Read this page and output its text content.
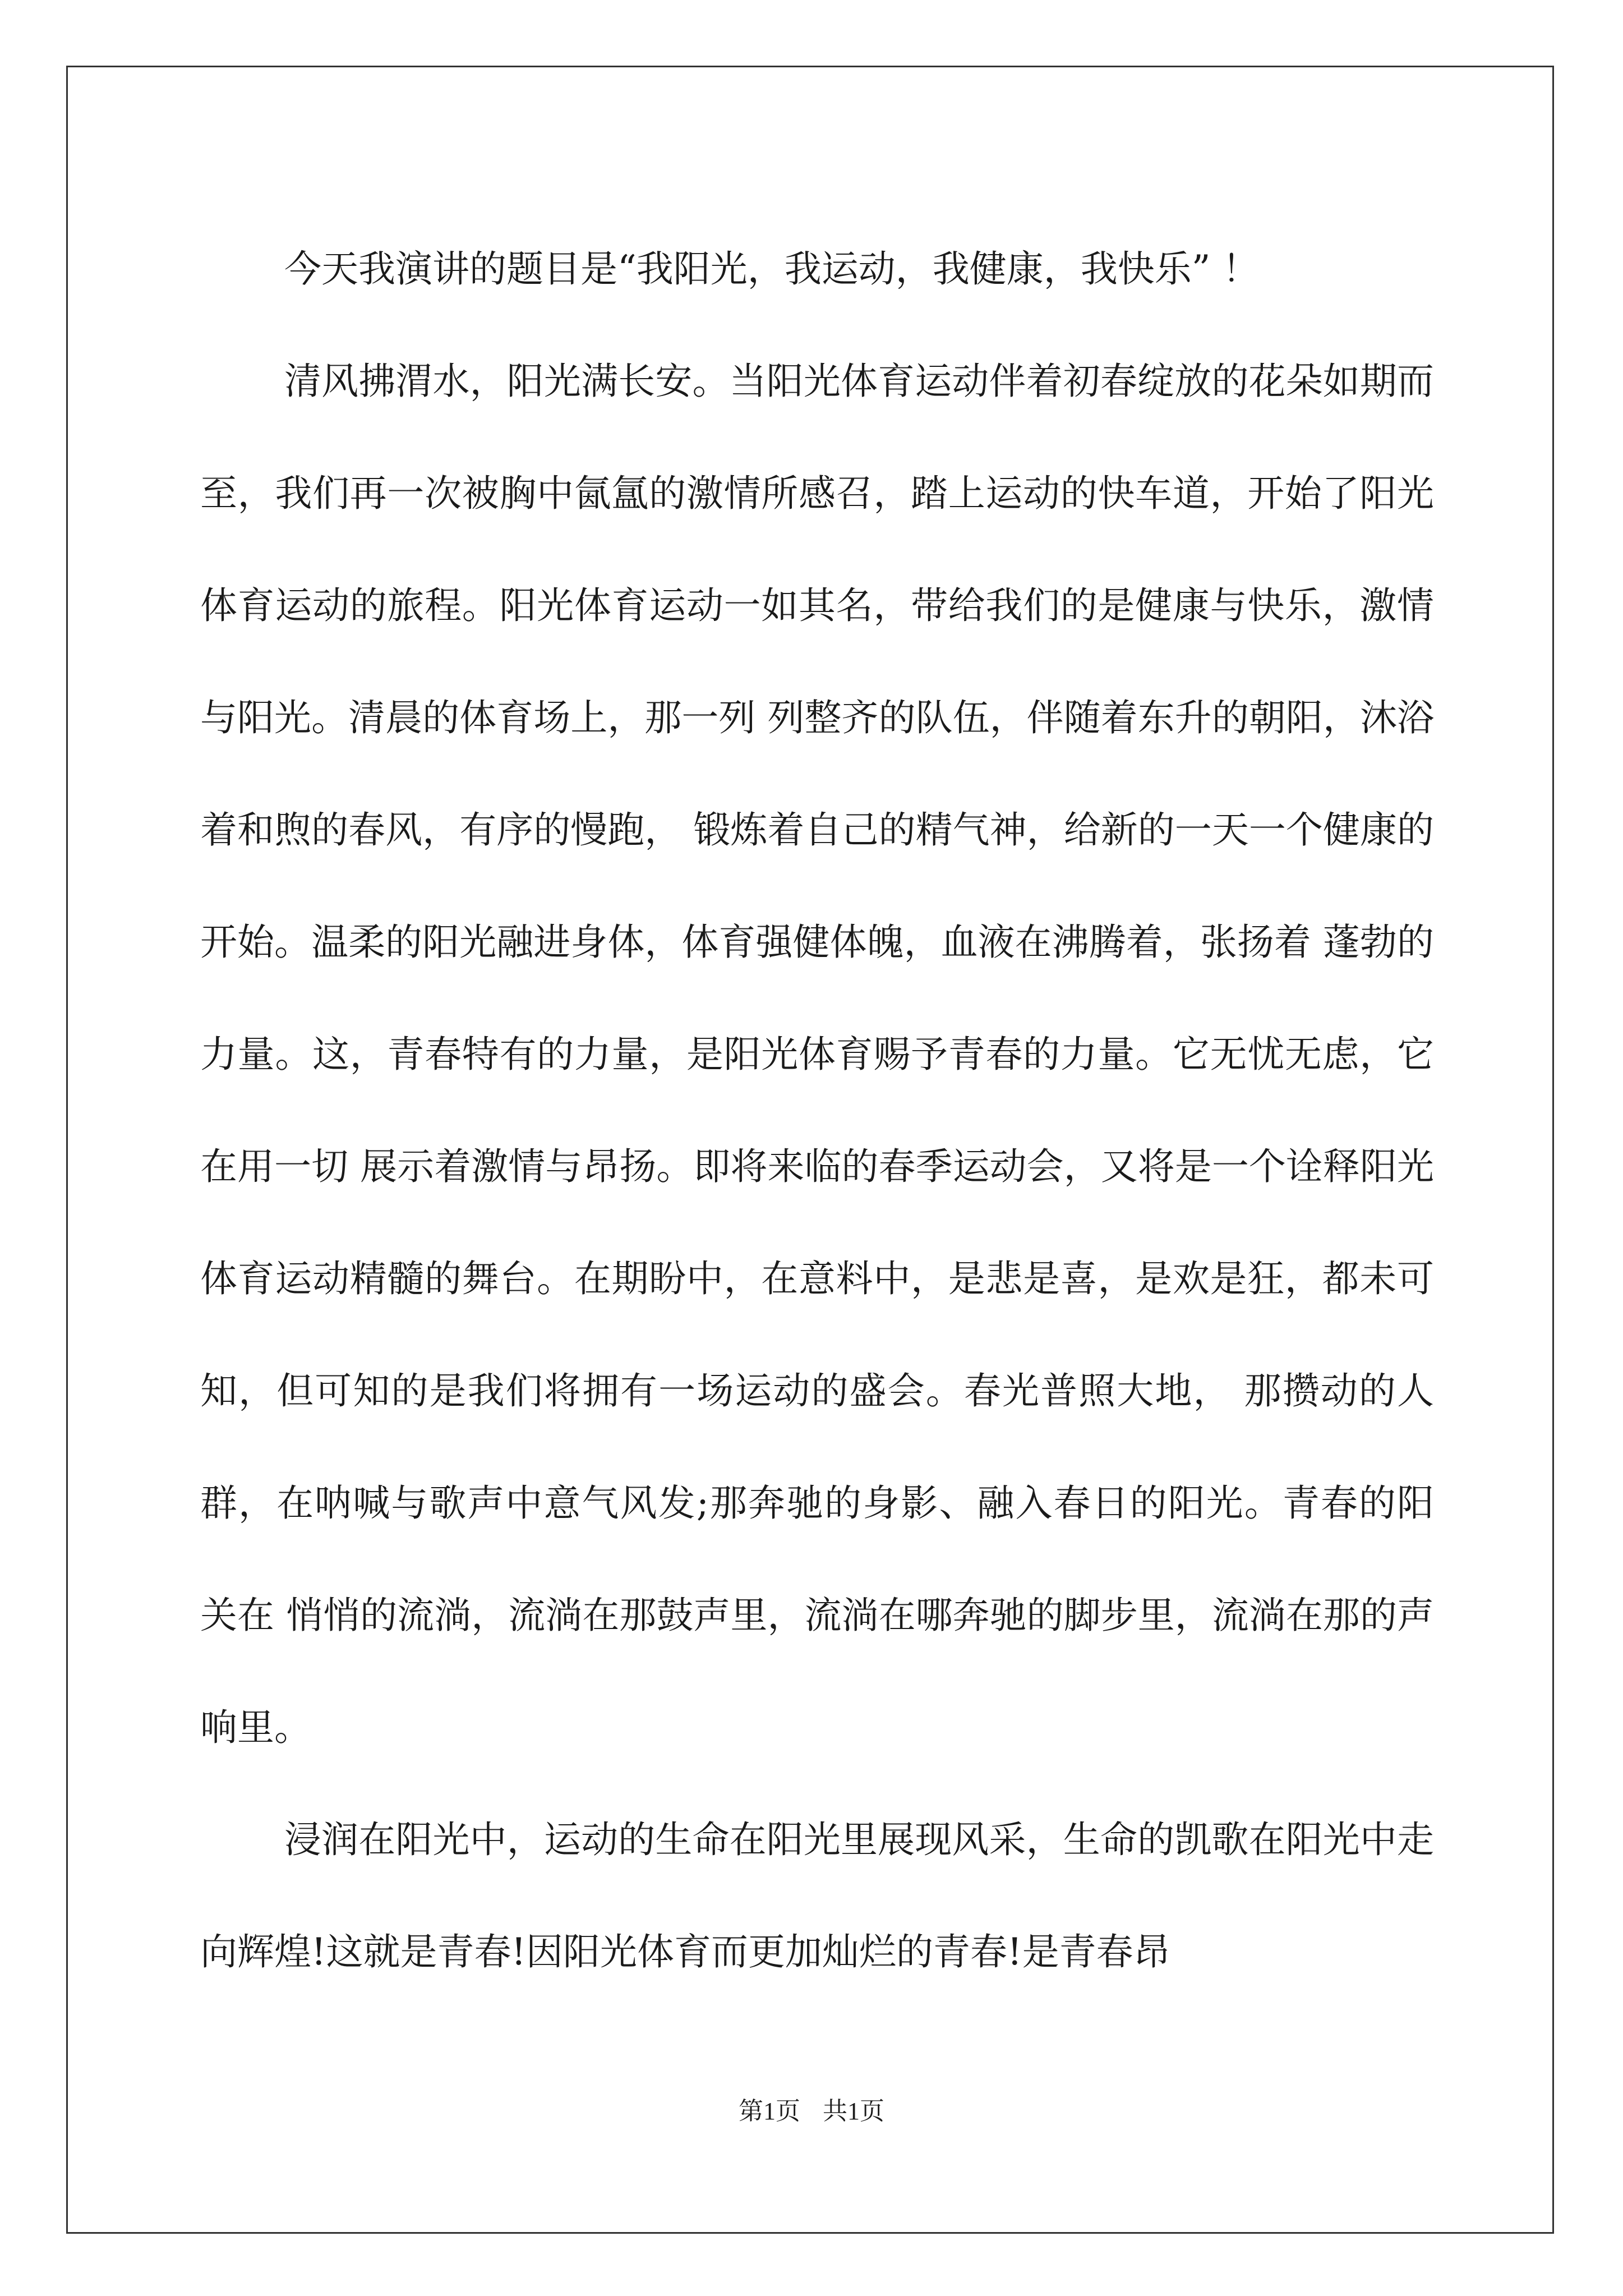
今天我演讲的题目是“我阳光，我运动，我健康，我快乐” ！

清风拂渭水，阳光满长安。当阳光体育运动伴着初春绽放的花朵如期而至，我们再一次被胸中氤氲的激情所感召，踏上运动的快车道，开始了阳光体育运动的旅程。阳光体育运动一如其名，带给我们的是健康与快乐，激情与阳光。清晨的体育场上，那一列 列整齐的队伍，伴随着东升的朝阳，沐浴着和煦的春风，有序的慢跑， 锻炼着自己的精气神，给新的一天一个健康的开始。温柔的阳光融进身体，体育强健体魄，血液在沸腾着，张扬着 蓬勃的力量。这，青春特有的力量，是阳光体育赐予青春的力量。它无忧无虑，它在用一切 展示着激情与昂扬。即将来临的春季运动会，又将是一个诠释阳光体育运动精髓的舞台。在期盼中，在意料中，是悲是喜，是欢是狂，都未可知，但可知的是我们将拥有一场运动的盛会。春光普照大地， 那攒动的人群，在呐喊与歌声中意气风发;那奔驰的身影、融入春日的阳光。青春的阳关在 悄悄的流淌，流淌在那鼓声里，流淌在哪奔驰的脚步里，流淌在那的声响里。

浸润在阳光中，运动的生命在阳光里展现风采，生命的凯歌在阳光中走向辉煌!这就是青春!因阳光体育而更加灿烂的青春!是青春昂

第1页 共1页
